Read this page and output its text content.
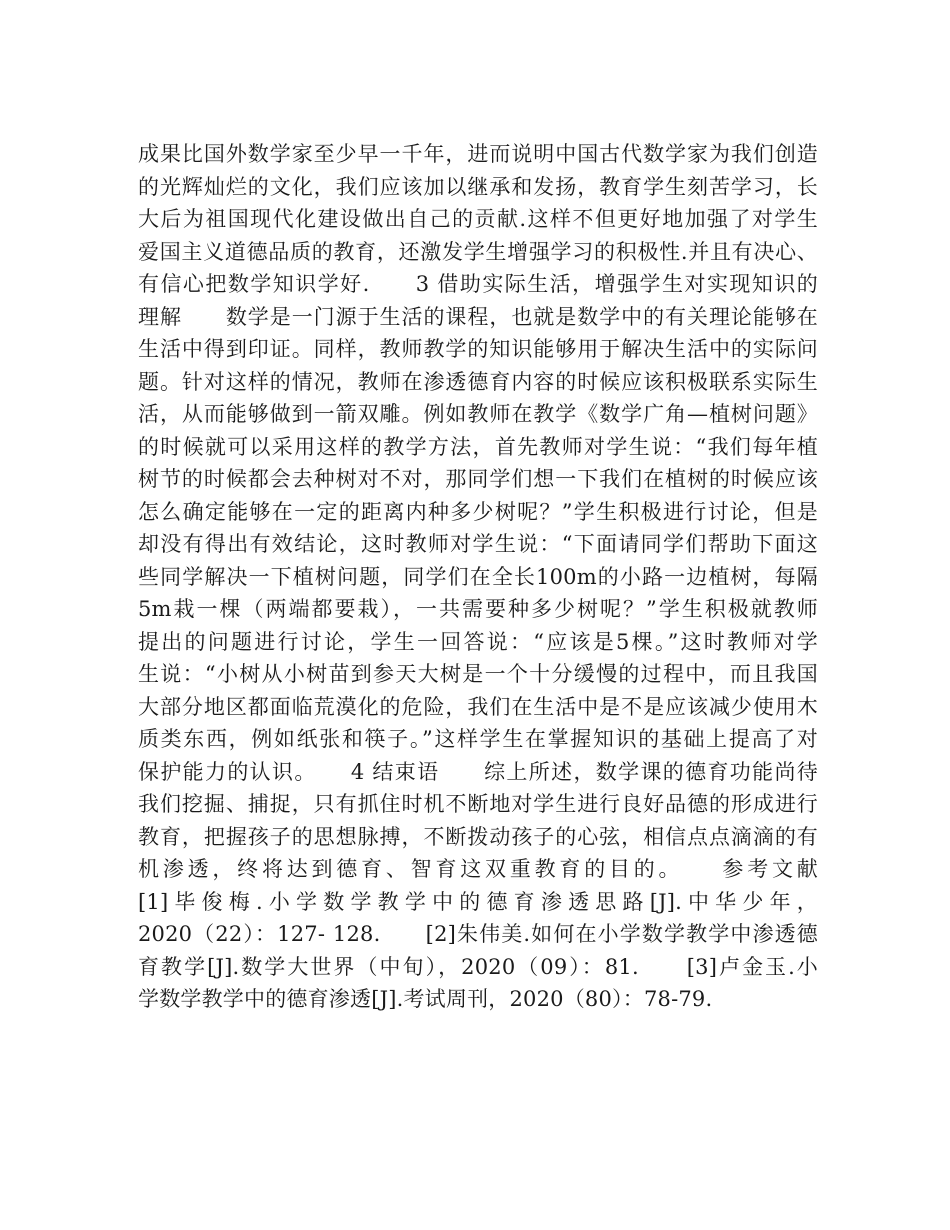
成果比国外数学家至少早一千年，进而说明中国古代数学家为我们创造
的光辉灿烂的文化，我们应该加以继承和发扬，教育学生刻苦学习，长
大后为祖国现代化建设做出自己的贡献.这样不但更好地加强了对学生
爱国主义道德品质的教育，还激发学生增强学习的积极性.并且有决心、
有信心把数学知识学好.　　3 借助实际生活，增强学生对实现知识的
理解　　数学是一门源于生活的课程，也就是数学中的有关理论能够在
生活中得到印证。同样，教师教学的知识能够用于解决生活中的实际问
题。针对这样的情况，教师在渗透德育内容的时候应该积极联系实际生
活，从而能够做到一箭双雕。例如教师在教学《数学广角—植树问题》
的时候就可以采用这样的教学方法，首先教师对学生说：“我们每年植
树节的时候都会去种树对不对，那同学们想一下我们在植树的时候应该
怎么确定能够在一定的距离内种多少树呢？”学生积极进行讨论，但是
却没有得出有效结论，这时教师对学生说：“下面请同学们帮助下面这
些同学解决一下植树问题，同学们在全长100m的小路一边植树，每隔
5m栽一棵（两端都要栽），一共需要种多少树呢？”学生积极就教师
提出的问题进行讨论，学生一回答说：“应该是5棵。”这时教师对学
生说：“小树从小树苗到参天大树是一个十分缓慢的过程中，而且我国
大部分地区都面临荒漠化的危险，我们在生活中是不是应该减少使用木
质类东西，例如纸张和筷子。”这样学生在掌握知识的基础上提高了对
保护能力的认识。　　4 结束语　　综上所述，数学课的德育功能尚待
我们挖掘、捕捉，只有抓住时机不断地对学生进行良好品德的形成进行
教育，把握孩子的思想脉搏，不断拨动孩子的心弦，相信点点滴滴的有
机渗透，终将达到德育、智育这双重教育的目的。　　参考文献
[1]毕俊梅.小学数学教学中的德育渗透思路[J].中华少年，
2020（22）：127- 128.　　[2]朱伟美.如何在小学数学教学中渗透德
育教学[J].数学大世界（中旬），2020（09）：81.　　[3]卢金玉.小
学数学教学中的德育渗透[J].考试周刊，2020（80）：78-79.
